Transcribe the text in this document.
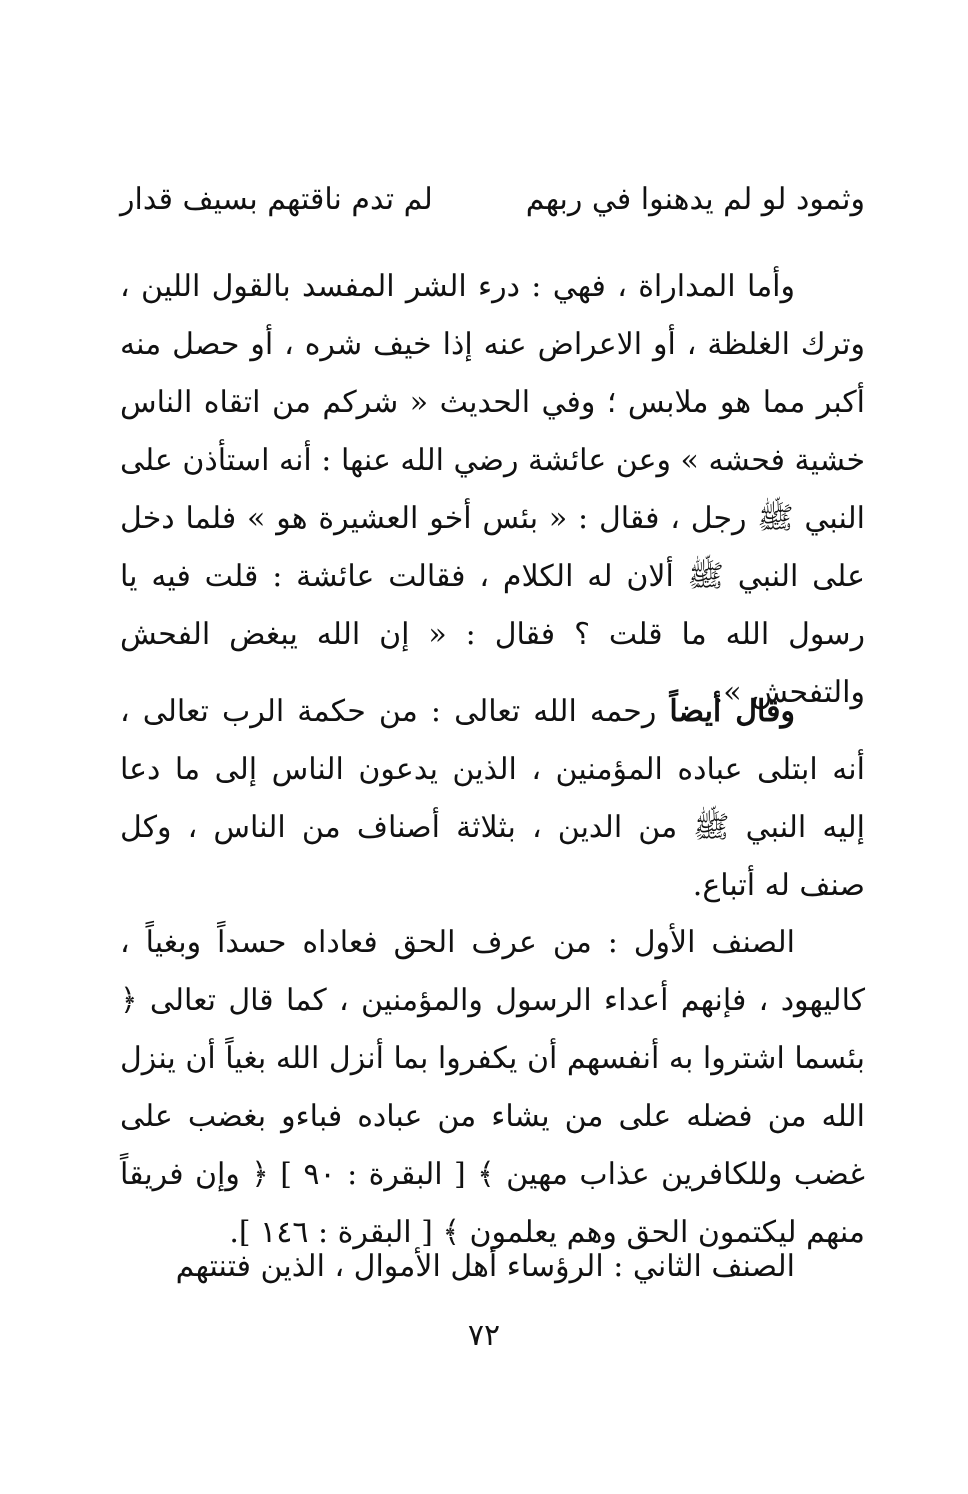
وثمود لو لم يدهنوا في ربهم
لم تدم ناقتهم بسيف قدار

وأما المداراة ، فهي : درء الشر المفسد بالقول اللين ، وترك الغلظة ، أو الاعراض عنه إذا خيف شره ، أو حصل منه أكبر مما هو ملابس ؛ وفي الحديث « شركم من اتقاه الناس خشية فحشه » وعن عائشة رضي الله عنها : أنه استأذن على النبي ﷺ رجل ، فقال : « بئس أخو العشيرة هو » فلما دخل على النبي ﷺ ألان له الكلام ، فقالت عائشة : قلت فيه يا رسول الله ما قلت ؟ فقال : « إن الله يبغض الفحش والتفحش ».

وقال أيضاً رحمه الله تعالى : من حكمة الرب تعالى ، أنه ابتلى عباده المؤمنين ، الذين يدعون الناس إلى ما دعا إليه النبي ﷺ من الدين ، بثلاثة أصناف من الناس ، وكل صنف له أتباع.

الصنف الأول : من عرف الحق فعاداه حسداً وبغياً ، كاليهود ، فإنهم أعداء الرسول والمؤمنين ، كما قال تعالى ﴿ بئسما اشتروا به أنفسهم أن يكفروا بما أنزل الله بغياً أن ينزل الله من فضله على من يشاء من عباده فباءو بغضب على غضب وللكافرين عذاب مهين ﴾ [ البقرة : ٩٠ ] ﴿ وإن فريقاً منهم ليكتمون الحق وهم يعلمون ﴾ [ البقرة : ١٤٦ ].

الصنف الثاني : الرؤساء أهل الأموال ، الذين فتنتهم

٧٢
